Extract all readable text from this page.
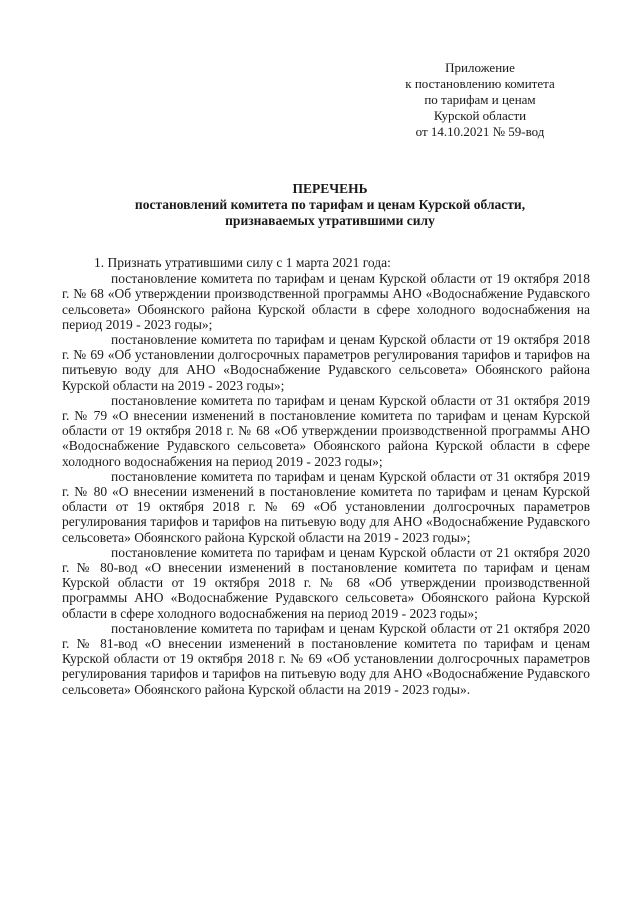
Приложение
к постановлению комитета
по тарифам и ценам
Курской области
от 14.10.2021 № 59-вод
ПЕРЕЧЕНЬ
постановлений комитета по тарифам и ценам Курской области,
признаваемых утратившими силу
1. Признать утратившими силу с 1 марта 2021 года:

постановление комитета по тарифам и ценам Курской области от 19 октября 2018 г. № 68 «Об утверждении производственной программы АНО «Водоснабжение Рудавского сельсовета» Обоянского района Курской области в сфере холодного водоснабжения на период 2019 - 2023 годы»;

постановление комитета по тарифам и ценам Курской области от 19 октября 2018 г. № 69 «Об установлении долгосрочных параметров регулирования тарифов и тарифов на питьевую воду для АНО «Водоснабжение Рудавского сельсовета» Обоянского района Курской области на 2019 - 2023 годы»;

постановление комитета по тарифам и ценам Курской области от 31 октября 2019 г. № 79 «О внесении изменений в постановление комитета по тарифам и ценам Курской области от 19 октября 2018 г. № 68 «Об утверждении производственной программы АНО «Водоснабжение Рудавского сельсовета» Обоянского района Курской области в сфере холодного водоснабжения на период 2019 - 2023 годы»;

постановление комитета по тарифам и ценам Курской области от 31 октября 2019 г. № 80 «О внесении изменений в постановление комитета по тарифам и ценам Курской области от 19 октября 2018 г. № 69 «Об установлении долгосрочных параметров регулирования тарифов и тарифов на питьевую воду для АНО «Водоснабжение Рудавского сельсовета» Обоянского района Курской области на 2019 - 2023 годы»;

постановление комитета по тарифам и ценам Курской области от 21 октября 2020 г. № 80-вод «О внесении изменений в постановление комитета по тарифам и ценам Курской области от 19 октября 2018 г. № 68 «Об утверждении производственной программы АНО «Водоснабжение Рудавского сельсовета» Обоянского района Курской области в сфере холодного водоснабжения на период 2019 - 2023 годы»;

постановление комитета по тарифам и ценам Курской области от 21 октября 2020 г. № 81-вод «О внесении изменений в постановление комитета по тарифам и ценам Курской области от 19 октября 2018 г. № 69 «Об установлении долгосрочных параметров регулирования тарифов и тарифов на питьевую воду для АНО «Водоснабжение Рудавского сельсовета» Обоянского района Курской области на 2019 - 2023 годы».
